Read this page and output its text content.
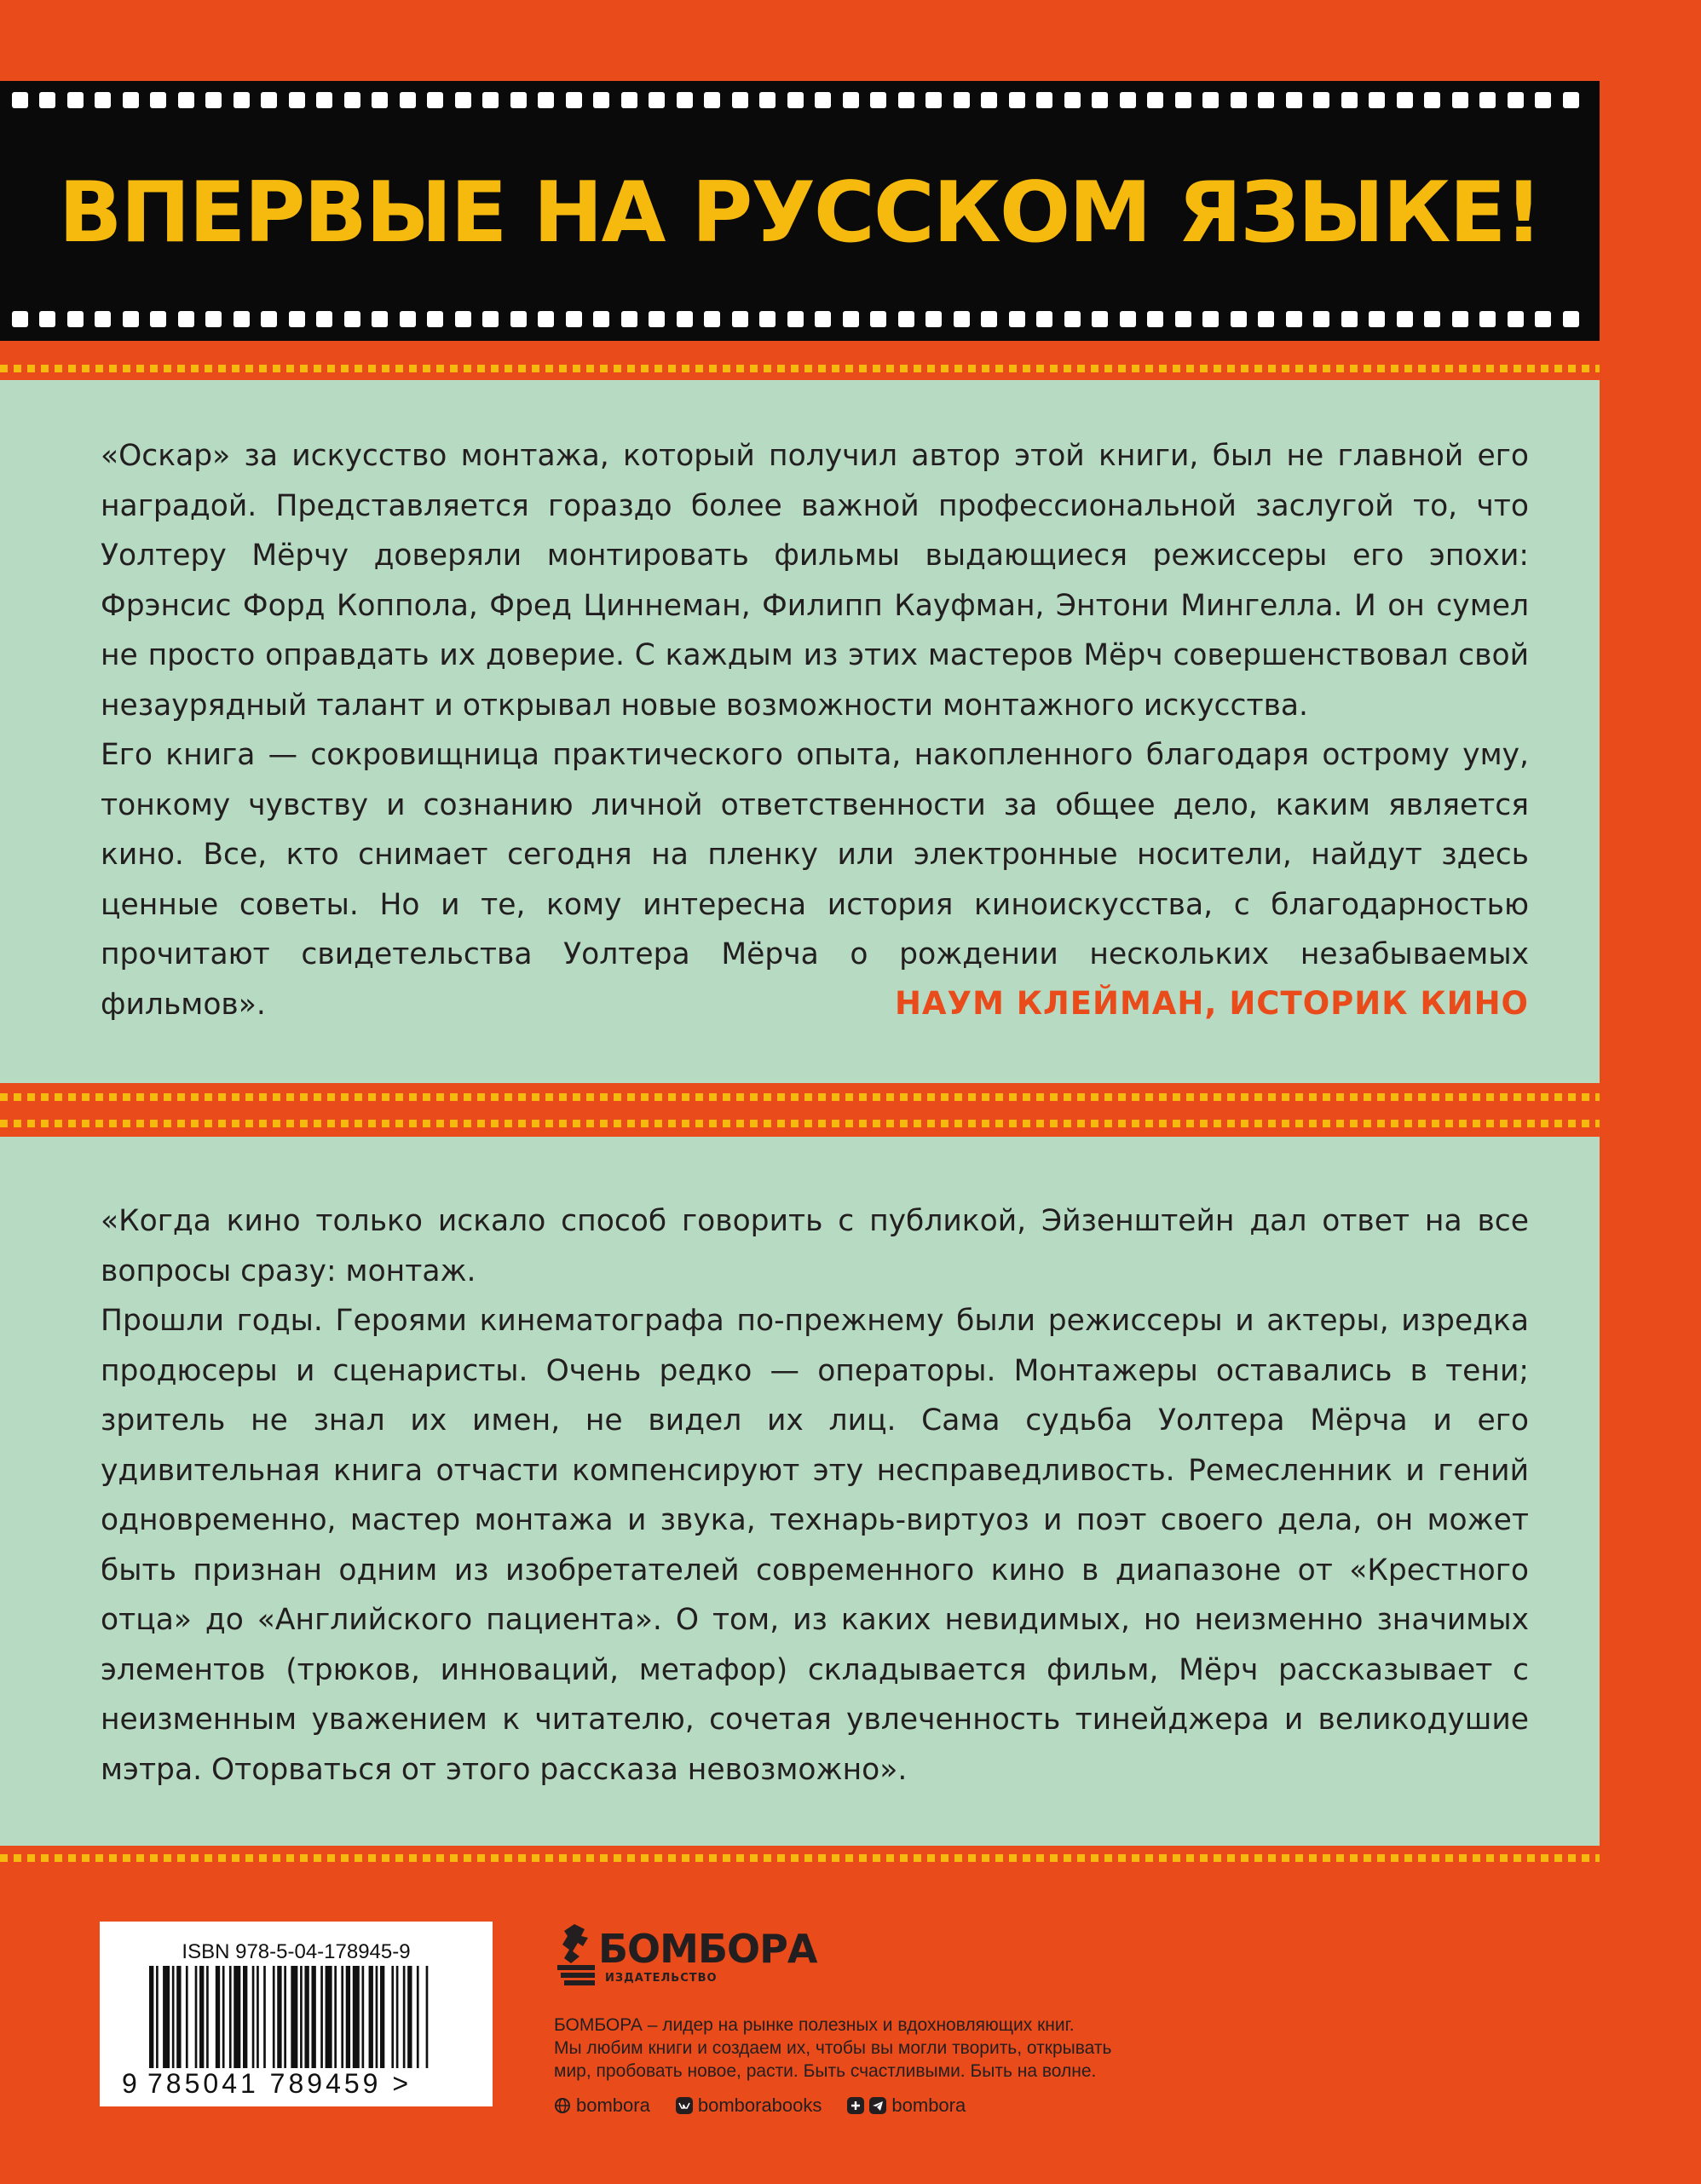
ВПЕРВЫЕ НА РУССКОМ ЯЗЫКЕ!

«Оскар» за искусство монтажа, который получил автор этой книги, был не главной его наградой. Представляется гораздо более важной профессиональной заслугой то, что Уолтеру Мёрчу доверяли монтировать фильмы выдающиеся режиссеры его эпохи: Фрэнсис Форд Коппола, Фред Циннеман, Филипп Кауфман, Энтони Мингелла. И он сумел не просто оправдать их доверие. С каждым из этих мастеров Мёрч совершенствовал свой незаурядный талант и открывал новые возможности монтажного искусства.

Его книга — сокровищница практического опыта, накопленного благодаря острому уму, тонкому чувству и сознанию личной ответственности за общее дело, каким является кино. Все, кто снимает сегодня на пленку или электронные носители, найдут здесь ценные советы. Но и те, кому интересна история киноискусства, с благодарностью прочитают свидетельства Уолтера Мёрча о рождении нескольких незабываемых фильмов».	НАУМ КЛЕЙМАН, ИСТОРИК КИНО

«Когда кино только искало способ говорить с публикой, Эйзенштейн дал ответ на все вопросы сразу: монтаж.

Прошли годы. Героями кинематографа по-прежнему были режиссеры и актеры, изредка продюсеры и сценаристы. Очень редко — операторы. Монтажеры оставались в тени; зритель не знал их имен, не видел их лиц. Сама судьба Уолтера Мёрча и его удивительная книга отчасти компенсируют эту несправедливость. Ремесленник и гений одновременно, мастер монтажа и звука, технарь-виртуоз и поэт своего дела, он может быть признан одним из изобретателей современного кино в диапазоне от «Крестного отца» до «Английского пациента». О том, из каких невидимых, но неизменно значимых элементов (трюков, инноваций, метафор) складывается фильм, Мёрч рассказывает с неизменным уважением к читателю, сочетая увлеченность тинейджера и великодушие мэтра. Оторваться от этого рассказа невозможно».

ISBN 978-5-04-178945-9
9 785041 789459 >
БОМБОРА
ИЗДАТЕЛЬСТВО

БОМБОРА – лидер на рынке полезных и вдохновляющих книг.

Мы любим книги и создаем их, чтобы вы могли творить, открывать

мир, пробовать новое, расти. Быть счастливыми. Быть на волне.

bombora	bomborabooks	bombora
